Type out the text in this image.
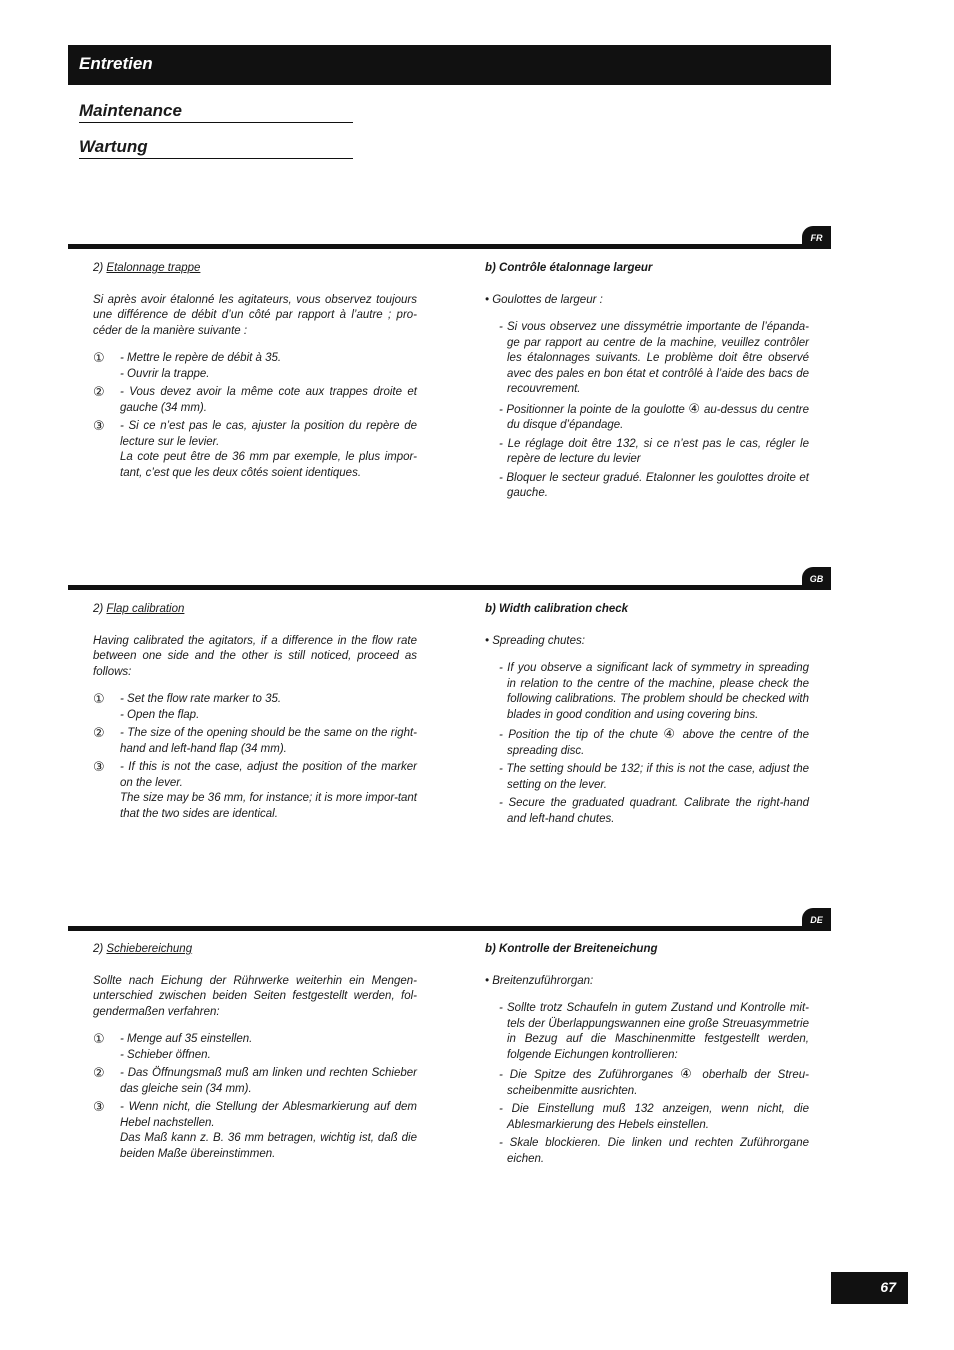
Entretien
Maintenance
Wartung
FR
2) Etalonnage trappe
Si après avoir étalonné les agitateurs, vous observez toujours une différence de débit d’un côté par rapport à l’autre ; pro-céder de la manière suivante :
① - Mettre le repère de débit à 35.
- Ouvrir la trappe.
② - Vous devez avoir la même cote aux trappes droite et gauche (34 mm).
③ - Si ce n’est pas le cas, ajuster la position du repère de lecture sur le levier.
La cote peut être de 36 mm par exemple, le plus impor-tant, c’est que les deux côtés soient identiques.
b) Contrôle étalonnage largeur
• Goulottes de largeur :
- Si vous observez une dissymétrie importante de l’épanda-ge par rapport au centre de la machine, veuillez contrôler les étalonnages suivants. Le problème doit être observé avec des pales en bon état et contrôlé à l’aide des bacs de recouvrement.
- Positionner la pointe de la goulotte ④ au-dessus du centre du disque d’épandage.
- Le réglage doit être 132, si ce n’est pas le cas, régler le repère de lecture du levier
- Bloquer le secteur gradué. Etalonner les goulottes droite et gauche.
GB
2) Flap calibration
Having calibrated the agitators, if a difference in the flow rate between one side and the other is still noticed, proceed as follows:
① - Set the flow rate marker to 35.
- Open the flap.
② - The size of the opening should be the same on the right-hand and left-hand flap (34 mm).
③ - If this is not the case, adjust the position of the marker on the lever.
The size may be 36 mm, for instance; it is more impor-tant that the two sides are identical.
b) Width calibration check
• Spreading chutes:
- If you observe a significant lack of symmetry in spreading in relation to the centre of the machine, please check the following calibrations. The problem should be checked with blades in good condition and using covering bins.
- Position the tip of the chute ④ above the centre of the spreading disc.
- The setting should be 132; if this is not the case, adjust the setting on the lever.
- Secure the graduated quadrant. Calibrate the right-hand and left-hand chutes.
DE
2) Schiebereichung
Sollte nach Eichung der Rührwerke weiterhin ein Mengen-unterschied zwischen beiden Seiten festgestellt werden, fol-gendermaßen verfahren:
① - Menge auf 35 einstellen.
- Schieber öffnen.
② - Das Öffnungsmaß muß am linken und rechten Schieber das gleiche sein (34 mm).
③ - Wenn nicht, die Stellung der Ablesmarkierung auf dem Hebel nachstellen.
Das Maß kann z. B. 36 mm betragen, wichtig ist, daß die beiden Maße übereinstimmen.
b) Kontrolle der Breiteneichung
• Breitenzuführorgan:
- Sollte trotz Schaufeln in gutem Zustand und Kontrolle mit-tels der Überlappungswannen eine große Streuasymmetrie in Bezug auf die Maschinenmitte festgestellt werden, folgende Eichungen kontrollieren:
- Die Spitze des Zuführorganes ④ oberhalb der Streu-scheibenmitte ausrichten.
- Die Einstellung muß 132 anzeigen, wenn nicht, die Ablesmarkierung des Hebels einstellen.
- Skale blockieren. Die linken und rechten Zuführorgane eichen.
67
